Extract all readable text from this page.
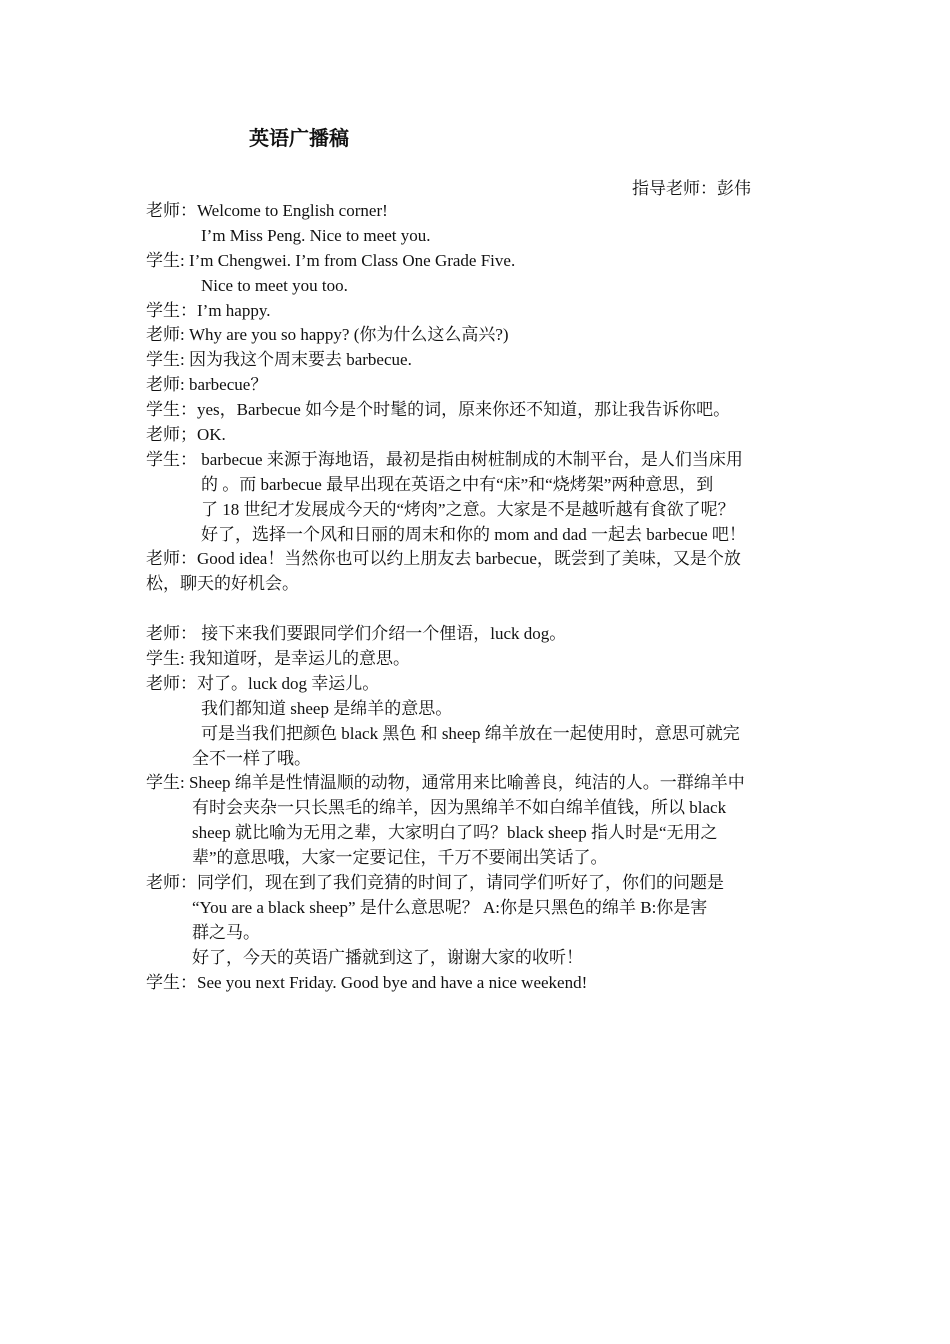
英语广播稿
指导老师：彭伟
老师：Welcome to English corner!
I’m Miss Peng. Nice to meet you.
学生: I’m Chengwei. I’m from Class One Grade Five.
Nice to meet you too.
学生：I’m happy.
老师: Why are you so happy? (你为什么这么高兴?)
学生: 因为我这个周末要去 barbecue.
老师: barbecue？
学生：yes，Barbecue 如今是个时髦的词，原来你还不知道，那让我告诉你吧。
老师；OK.
学生： barbecue 来源于海地语，最初是指由树桩制成的木制平台，是人们当床用
的 。而 barbecue 最早出现在英语之中有“床”和“烧烤架”两种意思，到
了 18 世纪才发展成今天的“烤肉”之意。大家是不是越听越有食欲了呢？
好了，选择一个风和日丽的周末和你的 mom and dad 一起去 barbecue 吧！
老师：Good idea！当然你也可以约上朋友去 barbecue，既尝到了美味，又是个放
松，聊天的好机会。
老师： 接下来我们要跟同学们介绍一个俚语，luck dog。
学生: 我知道呀，是幸运儿的意思。
老师：对了。luck dog 幸运儿。
我们都知道 sheep 是绵羊的意思。
可是当我们把颜色 black 黑色 和 sheep 绵羊放在一起使用时，意思可就完
全不一样了哦。
学生: Sheep 绵羊是性情温顺的动物，通常用来比喻善良，纯洁的人。一群绵羊中
有时会夹杂一只长黑毛的绵羊，因为黑绵羊不如白绵羊值钱，所以 black
sheep 就比喻为无用之辈，大家明白了吗？black sheep 指人时是“无用之
辈”的意思哦，大家一定要记住，千万不要闹出笑话了。
老师：同学们，现在到了我们竞猜的时间了，请同学们听好了，你们的问题是
“You are a black sheep” 是什么意思呢？ A:你是只黑色的绵羊 B:你是害
群之马。
好了，今天的英语广播就到这了，谢谢大家的收听！
学生：See you next Friday. Good bye and have a nice weekend!
